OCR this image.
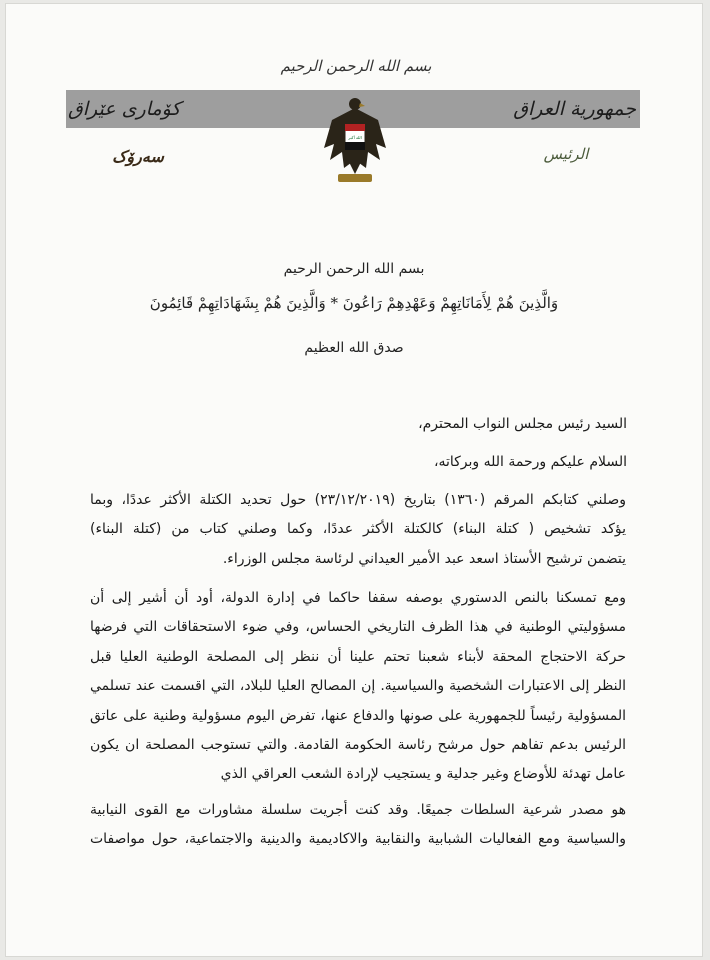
بسم الله الرحمن الرحيم
كۆماری عێراق	جمهورية العراق
سەرۆک	الرئيس
الله أكبر
بسم الله الرحمن الرحيم
وَالَّذِينَ هُمْ لِأَمَانَاتِهِمْ وَعَهْدِهِمْ رَاعُونَ * وَالَّذِينَ هُمْ بِشَهَادَاتِهِمْ قَائِمُونَ
صدق الله العظيم
السيد رئيس مجلس النواب المحترم،
السلام عليكم ورحمة الله وبركاته،
وصلني كتابكم المرقم (١٣٦٠) بتاريخ (٢٣/١٢/٢٠١٩) حول تحديد الكتلة الأكثر عددًا، وبما
يؤكد تشخيص ( كتلة البناء) كالكتلة الأكثر عددًا، وكما وصلني كتاب من (كتلة البناء)
يتضمن ترشيح الأستاذ اسعد عبد الأمير العيداني لرئاسة مجلس الوزراء.
ومع تمسكنا بالنص الدستوري بوصفه سقفا حاكما في إدارة الدولة، أود أن أشير إلى أن
مسؤوليتي الوطنية في هذا الظرف التاريخي الحساس، وفي ضوء الاستحقاقات التي فرضها
حركة الاحتجاج المحقة لأبناء شعبنا تحتم علينا أن ننظر إلى المصلحة الوطنية العليا قبل
النظر إلى الاعتبارات الشخصية والسياسية. إن المصالح العليا للبلاد، التي اقسمت عند تسلمي
المسؤولية رئيساً للجمهورية على صونها والدفاع عنها، تفرض اليوم مسؤولية وطنية على عاتق
الرئيس بدعم تفاهم حول مرشح رئاسة الحكومة القادمة. والتي تستوجب المصلحة ان يكون
عامل تهدئة للأوضاع وغير جدلية و يستجيب لإرادة الشعب العراقي الذي
هو مصدر شرعية السلطات جميعًا. وقد كنت أجريت سلسلة مشاورات مع القوى النيابية
والسياسية ومع الفعاليات الشبابية والنقابية والاكاديمية والدينية والاجتماعية، حول مواصفات
